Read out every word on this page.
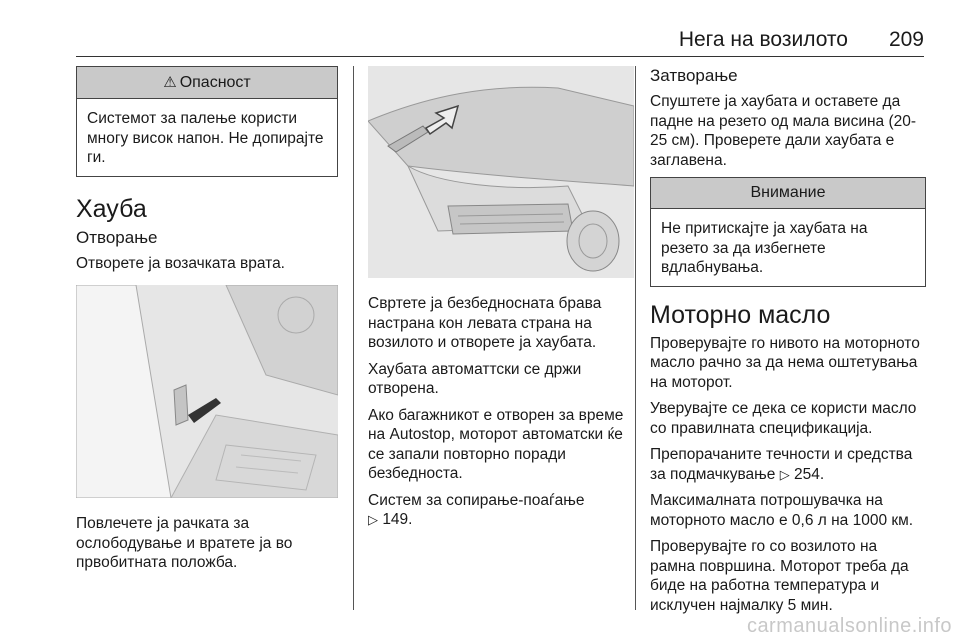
Нега на возилото 209
⚠ Опасност
Системот за палење користи многу висок напон. Не допирајте ги.
Хауба
Отворање

Отворете ја возачката врата.

Повлечете ја рачката за ослободување и вратете ја во првобитната положба.

Свртете ја безбедносната брава настрана кон левата страна на возилото и отворете ја хаубата.

Хаубата автоматтски се држи отворена.

Ако багажникот е отворен за време на Autostop, моторот автоматски ќе се запали повторно поради безбедноста.

Систем за сопирање-поаѓање
▷ 149.

Затворање

Спуштете ја хаубата и оставете да падне на резето од мала висина (20-25 см). Проверете дали хаубата е заглавена.

Внимание
Не притискајте ја хаубата на резето за да избегнете вдлабнувања.
Моторно масло

Проверувајте го нивото на моторното масло рачно за да нема оштетувања на моторот.

Уверувајте се дека се користи масло со правилната спецификација.

Препорачаните течности и средства за подмачкување ▷ 254.

Максималната потрошувачка на моторното масло е 0,6 л на 1000 км.

Проверувајте го со возилото на рамна површина. Моторот треба да биде на работна температура и исклучен најмалку 5 мин.

carmanualsonline.info
